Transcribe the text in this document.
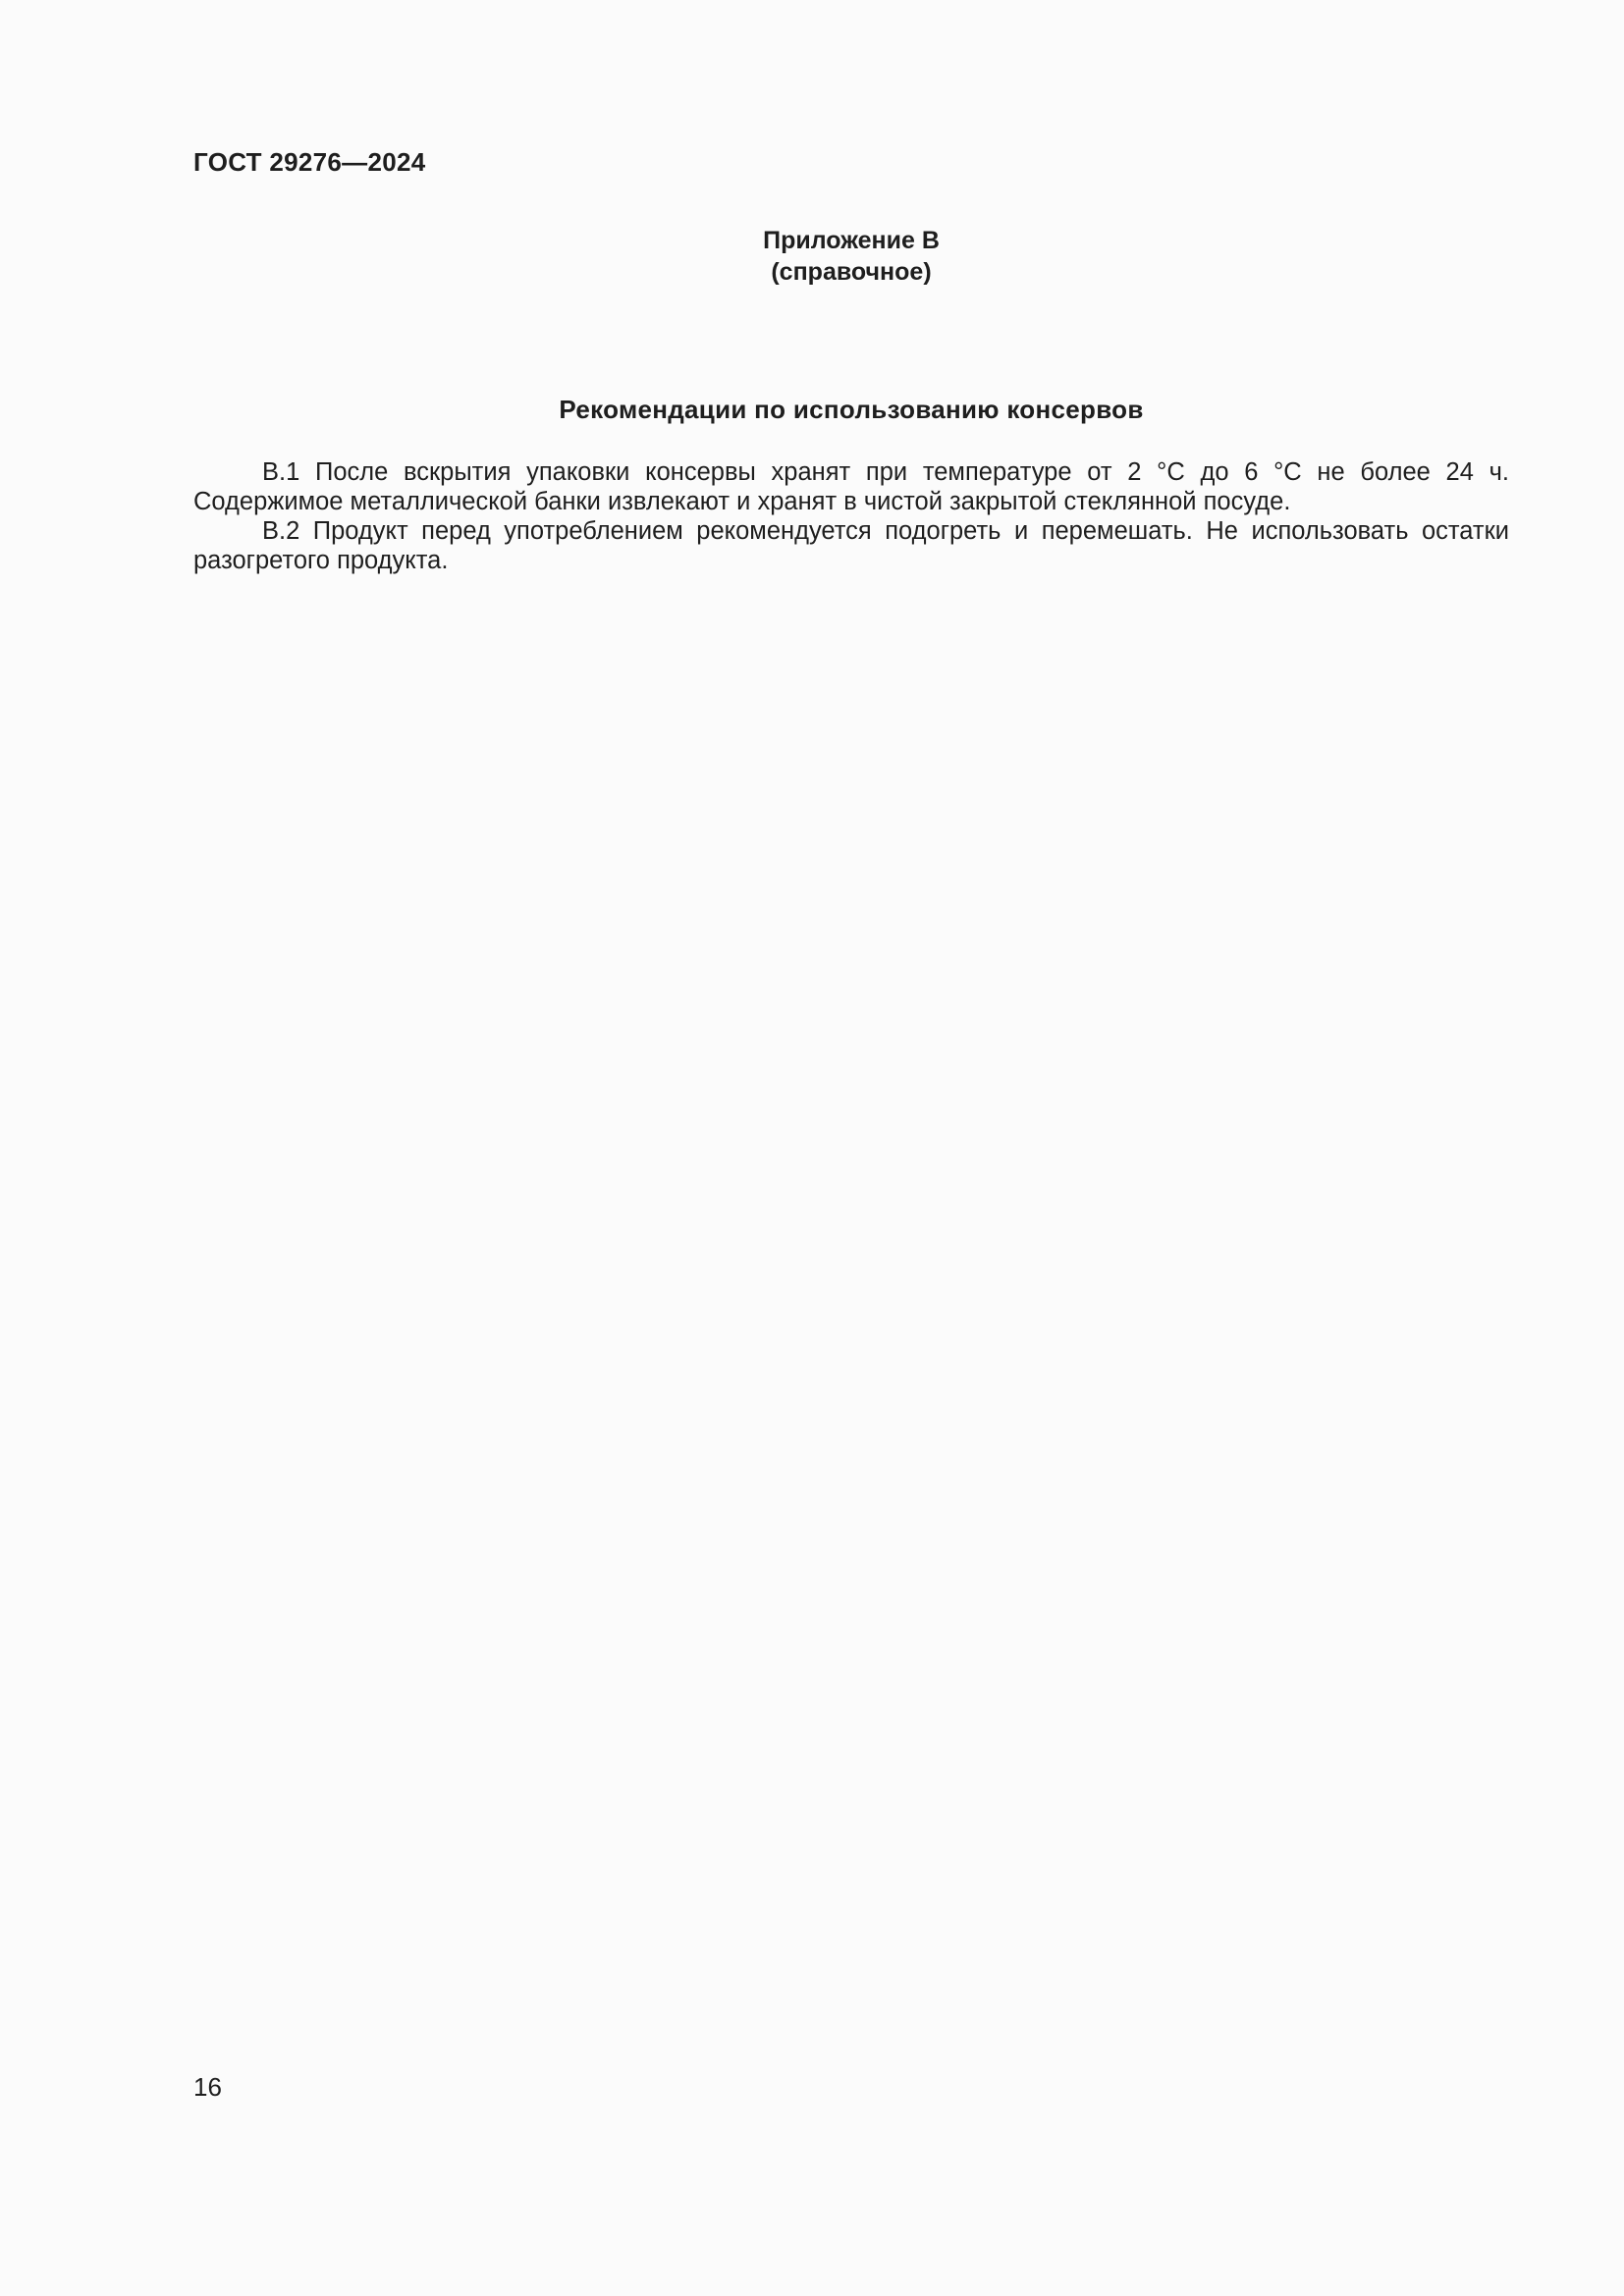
ГОСТ 29276—2024
Приложение В
(справочное)
Рекомендации по использованию консервов

В.1 После вскрытия упаковки консервы хранят при температуре от 2 °С до 6 °С не более 24 ч. Содержимое металлической банки извлекают и хранят в чистой закрытой стеклянной посуде.

В.2 Продукт перед употреблением рекомендуется подогреть и перемешать. Не использовать остатки разогретого продукта.

16
